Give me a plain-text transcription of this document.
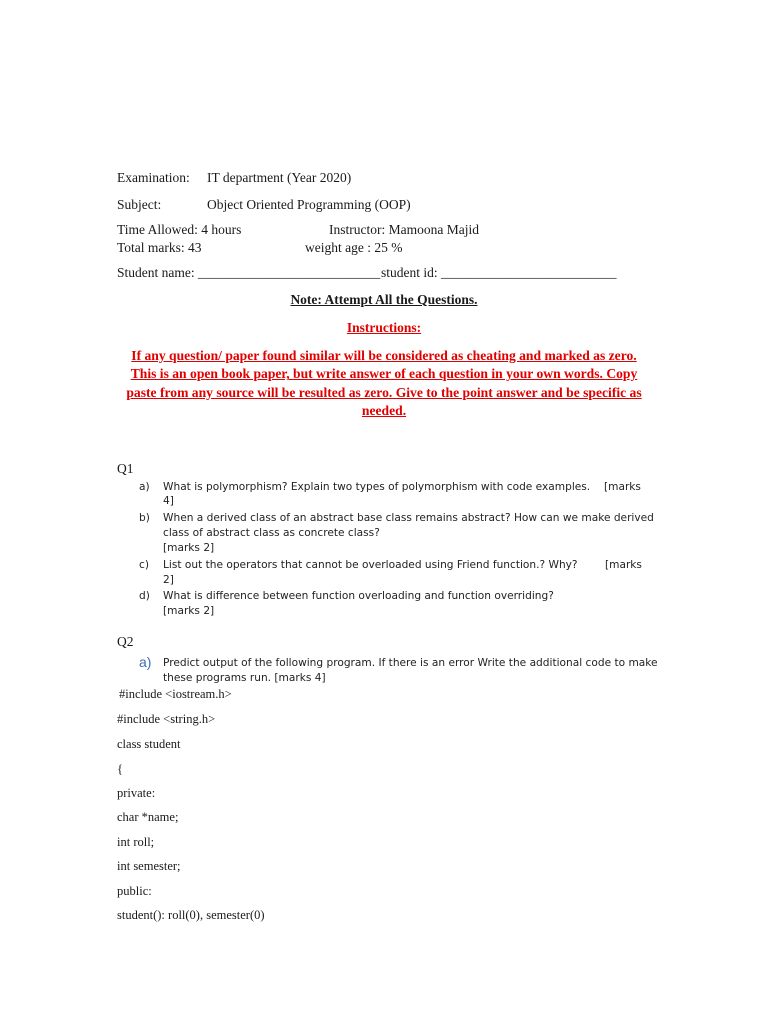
Examination: IT department (Year 2020)
Subject:	Object Oriented Programming (OOP)
Time Allowed: 4 hours	Instructor: Mamoona Majid
Total marks: 43	weight age : 25 %
Student name: ___________________________ student id: __________________________
Note: Attempt All the Questions.
Instructions:
If any question/ paper found similar will be considered as cheating and marked as zero. This is an open book paper, but write answer of each question in your own words. Copy paste from any source will be resulted as zero. Give to the point answer and be specific as needed.
Q1
a) What is polymorphism? Explain two types of polymorphism with code examples. [marks
4]
b) When a derived class of an abstract base class remains abstract? How can we make derived
class of abstract class as concrete class?
[marks 2]
c) List out the operators that cannot be overloaded using Friend function.? Why?	[marks
2]
d) What is difference between function overloading and function overriding?
[marks 2]
Q2
a) Predict output of the following program. If there is an error Write the additional code to make
these programs run. [marks 4]
#include <iostream.h>
#include <string.h>
class student
{
private:
char *name;
int roll;
int semester;
public:
student(): roll(0), semester(0)
